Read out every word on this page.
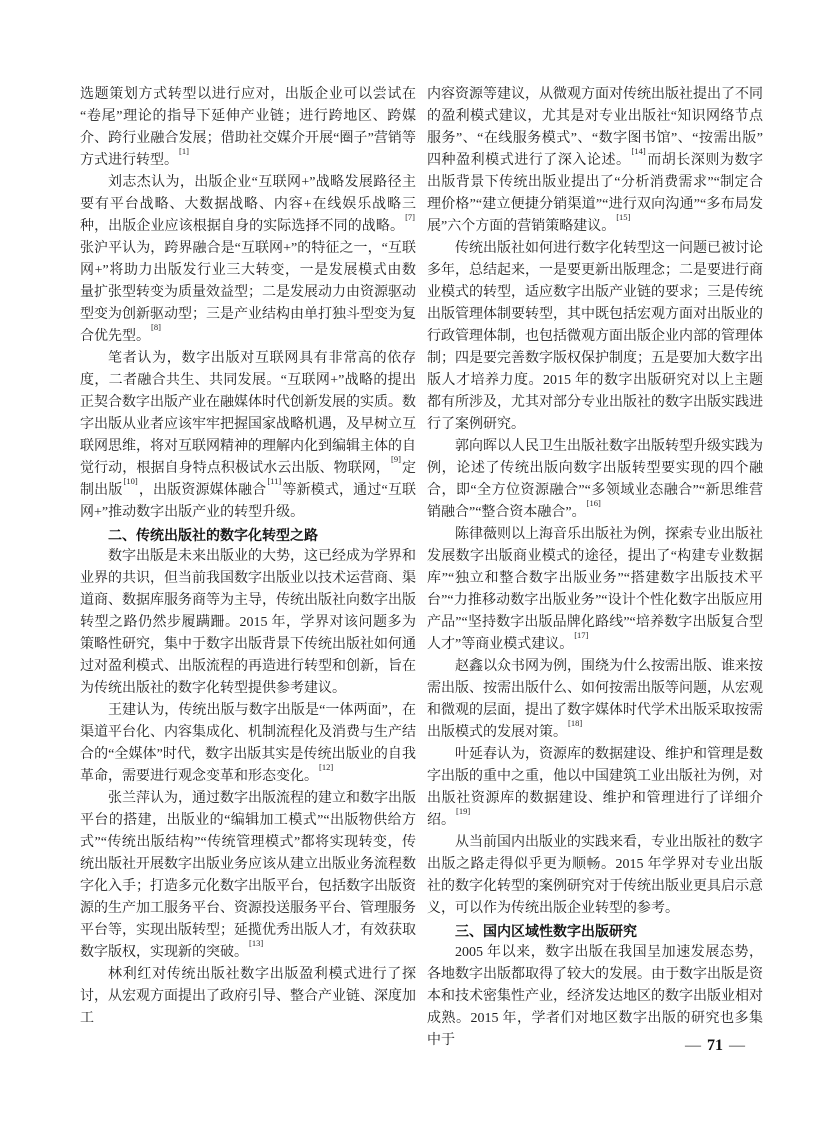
选题策划方式转型以进行应对，出版企业可以尝试在“卷尾”理论的指导下延伸产业链；进行跨地区、跨媒介、跨行业融合发展；借助社交媒介开展“圈子”营销等方式进行转型。[1]

刘志杰认为，出版企业“互联网+”战略发展路径主要有平台战略、大数据战略、内容+在线娱乐战略三种，出版企业应该根据自身的实际选择不同的战略。[7]张沪平认为，跨界融合是“互联网+”的特征之一，“互联网+”将助力出版发行业三大转变，一是发展模式由数量扩张型转变为质量效益型；二是发展动力由资源驱动型变为创新驱动型；三是产业结构由单打独斗型变为复合优先型。[8]

笔者认为，数字出版对互联网具有非常高的依存度，二者融合共生、共同发展。“互联网+”战略的提出正契合数字出版产业在融媒体时代创新发展的实质。数字出版从业者应该牢牢把握国家战略机遇，及早树立互联网思维，将对互联网精神的理解内化到编辑主体的自觉行动，根据自身特点积极试水云出版、物联网，[9]定制出版[10]，出版资源媒体融合[11]等新模式，通过“互联网+”推动数字出版产业的转型升级。

二、传统出版社的数字化转型之路

数字出版是未来出版业的大势，这已经成为学界和业界的共识，但当前我国数字出版业以技术运营商、渠道商、数据库服务商等为主导，传统出版社向数字出版转型之路仍然步履蹒跚。2015 年，学界对该问题多为策略性研究，集中于数字出版背景下传统出版社如何通过对盈利模式、出版流程的再造进行转型和创新，旨在为传统出版社的数字化转型提供参考建议。

王建认为，传统出版与数字出版是“一体两面”，在渠道平台化、内容集成化、机制流程化及消费与生产结合的“全媒体”时代，数字出版其实是传统出版业的自我革命，需要进行观念变革和形态变化。[12]

张兰萍认为，通过数字出版流程的建立和数字出版平台的搭建，出版业的“编辑加工模式”“出版物供给方式”“传统出版结构”“传统管理模式”都将实现转变，传统出版社开展数字出版业务应该从建立出版业务流程数字化入手；打造多元化数字出版平台，包括数字出版资源的生产加工服务平台、资源投送服务平台、管理服务平台等，实现出版转型；延揽优秀出版人才，有效获取数字版权，实现新的突破。[13]

林利红对传统出版社数字出版盈利模式进行了探讨，从宏观方面提出了政府引导、整合产业链、深度加工

内容资源等建议，从微观方面对传统出版社提出了不同的盈利模式建议，尤其是对专业出版社“知识网络节点服务”、“在线服务模式”、“数字图书馆”、“按需出版”四种盈利模式进行了深入论述。[14]而胡长深则为数字出版背景下传统出版业提出了“分析消费需求”“制定合理价格”“建立便捷分销渠道”“进行双向沟通”“多布局发展”六个方面的营销策略建议。[15]

传统出版社如何进行数字化转型这一问题已被讨论多年，总结起来，一是要更新出版理念；二是要进行商业模式的转型，适应数字出版产业链的要求；三是传统出版管理体制要转型，其中既包括宏观方面对出版业的行政管理体制，也包括微观方面出版企业内部的管理体制；四是要完善数字版权保护制度；五是要加大数字出版人才培养力度。2015 年的数字出版研究对以上主题都有所涉及，尤其对部分专业出版社的数字出版实践进行了案例研究。

郭向晖以人民卫生出版社数字出版转型升级实践为例，论述了传统出版向数字出版转型要实现的四个融合，即“全方位资源融合”“多领域业态融合”“新思维营销融合”“整合资本融合”。[16]

陈律薇则以上海音乐出版社为例，探索专业出版社发展数字出版商业模式的途径，提出了“构建专业数据库”“独立和整合数字出版业务”“搭建数字出版技术平台”“力推移动数字出版业务”“设计个性化数字出版应用产品”“坚持数字出版品牌化路线”“培养数字出版复合型人才”等商业模式建议。[17]

赵鑫以众书网为例，围绕为什么按需出版、谁来按需出版、按需出版什么、如何按需出版等问题，从宏观和微观的层面，提出了数字媒体时代学术出版采取按需出版模式的发展对策。[18]

叶延春认为，资源库的数据建设、维护和管理是数字出版的重中之重，他以中国建筑工业出版社为例，对出版社资源库的数据建设、维护和管理进行了详细介绍。[19]

从当前国内出版业的实践来看，专业出版社的数字出版之路走得似乎更为顺畅。2015 年学界对专业出版社的数字化转型的案例研究对于传统出版业更具启示意义，可以作为传统出版企业转型的参考。

三、国内区域性数字出版研究

2005 年以来，数字出版在我国呈加速发展态势，各地数字出版都取得了较大的发展。由于数字出版是资本和技术密集性产业，经济发达地区的数字出版业相对成熟。2015 年，学者们对地区数字出版的研究也多集中于	— 71 —
